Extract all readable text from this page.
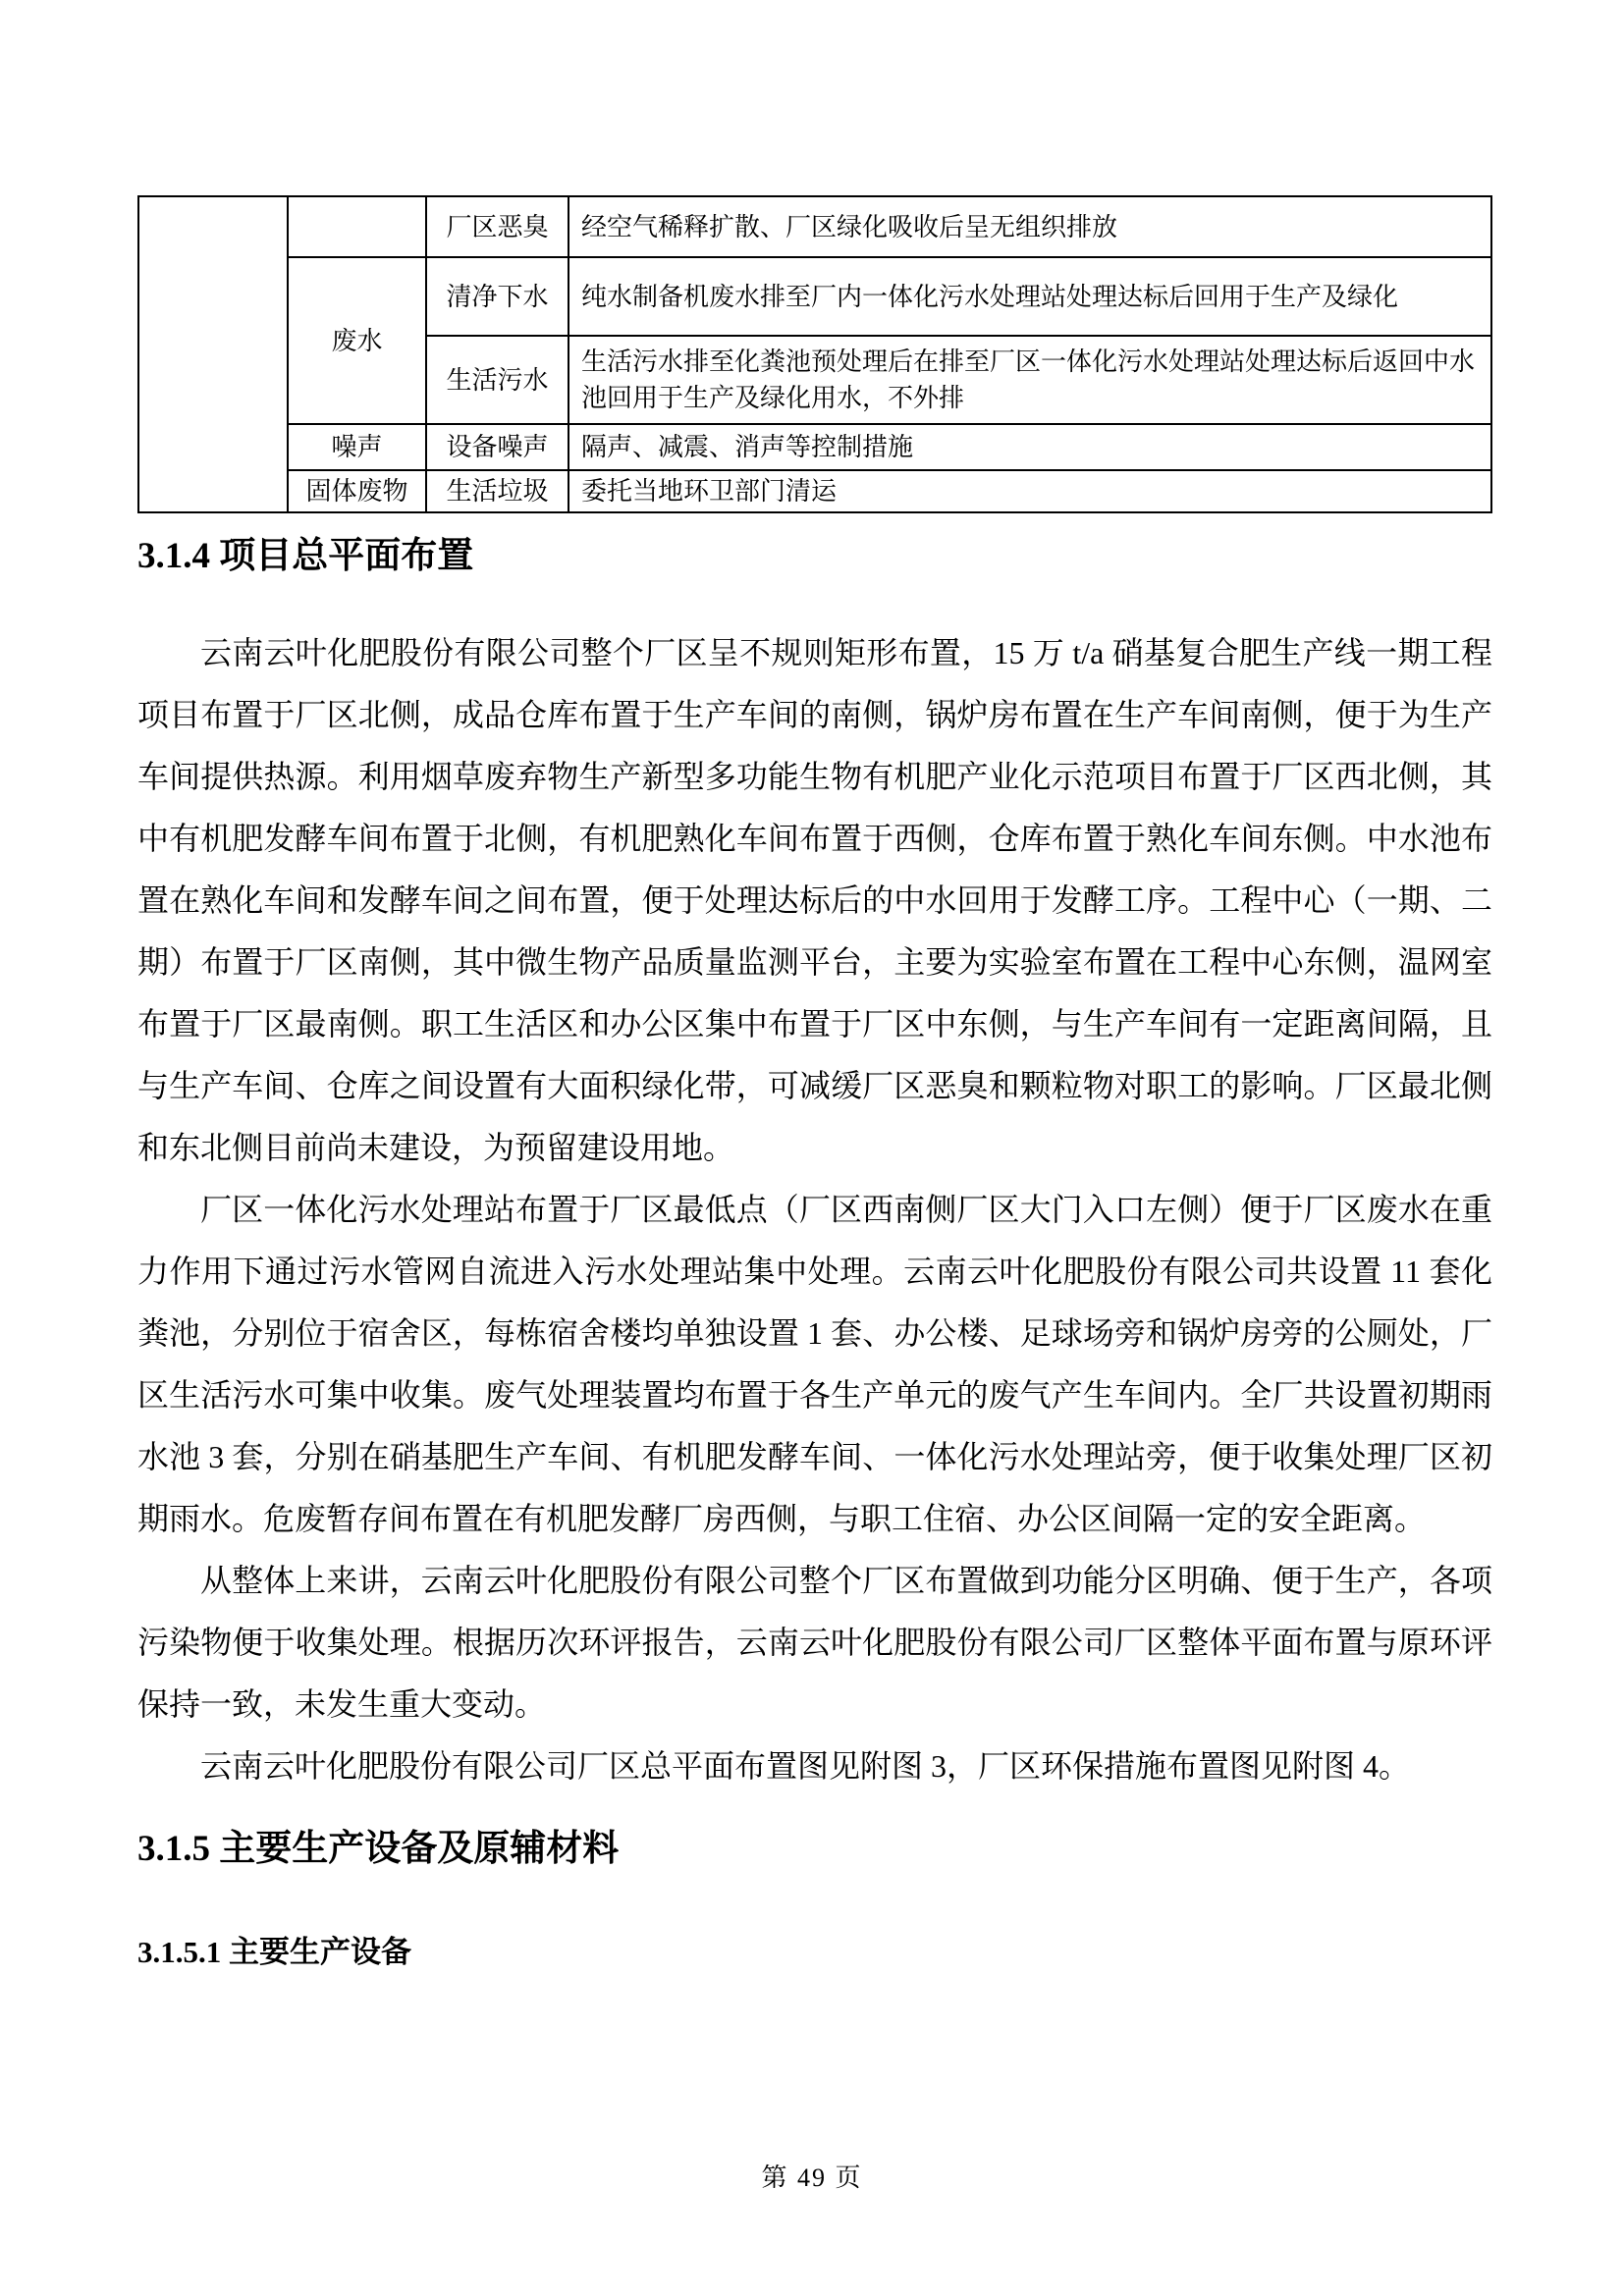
		厂区恶臭	经空气稀释扩散、厂区绿化吸收后呈无组织排放
	废水	清净下水	纯水制备机废水排至厂内一体化污水处理站处理达标后回用于生产及绿化
		生活污水	生活污水排至化粪池预处理后在排至厂区一体化污水处理站处理达标后返回中水池回用于生产及绿化用水，不外排
	噪声	设备噪声	隔声、减震、消声等控制措施
	固体废物	生活垃圾	委托当地环卫部门清运
3.1.4 项目总平面布置

云南云叶化肥股份有限公司整个厂区呈不规则矩形布置，15 万 t/a 硝基复合肥生产线一期工程项目布置于厂区北侧，成品仓库布置于生产车间的南侧，锅炉房布置在生产车间南侧，便于为生产车间提供热源。利用烟草废弃物生产新型多功能生物有机肥产业化示范项目布置于厂区西北侧，其中有机肥发酵车间布置于北侧，有机肥熟化车间布置于西侧，仓库布置于熟化车间东侧。中水池布置在熟化车间和发酵车间之间布置，便于处理达标后的中水回用于发酵工序。工程中心（一期、二期）布置于厂区南侧，其中微生物产品质量监测平台，主要为实验室布置在工程中心东侧，温网室布置于厂区最南侧。职工生活区和办公区集中布置于厂区中东侧，与生产车间有一定距离间隔，且与生产车间、仓库之间设置有大面积绿化带，可减缓厂区恶臭和颗粒物对职工的影响。厂区最北侧和东北侧目前尚未建设，为预留建设用地。

厂区一体化污水处理站布置于厂区最低点（厂区西南侧厂区大门入口左侧）便于厂区废水在重力作用下通过污水管网自流进入污水处理站集中处理。云南云叶化肥股份有限公司共设置 11 套化粪池，分别位于宿舍区，每栋宿舍楼均单独设置 1 套、办公楼、足球场旁和锅炉房旁的公厕处，厂区生活污水可集中收集。废气处理装置均布置于各生产单元的废气产生车间内。全厂共设置初期雨水池 3 套，分别在硝基肥生产车间、有机肥发酵车间、一体化污水处理站旁，便于收集处理厂区初期雨水。危废暂存间布置在有机肥发酵厂房西侧，与职工住宿、办公区间隔一定的安全距离。

从整体上来讲，云南云叶化肥股份有限公司整个厂区布置做到功能分区明确、便于生产，各项污染物便于收集处理。根据历次环评报告，云南云叶化肥股份有限公司厂区整体平面布置与原环评保持一致，未发生重大变动。

云南云叶化肥股份有限公司厂区总平面布置图见附图 3，厂区环保措施布置图见附图 4。

3.1.5 主要生产设备及原辅材料
3.1.5.1 主要生产设备
第 49 页
